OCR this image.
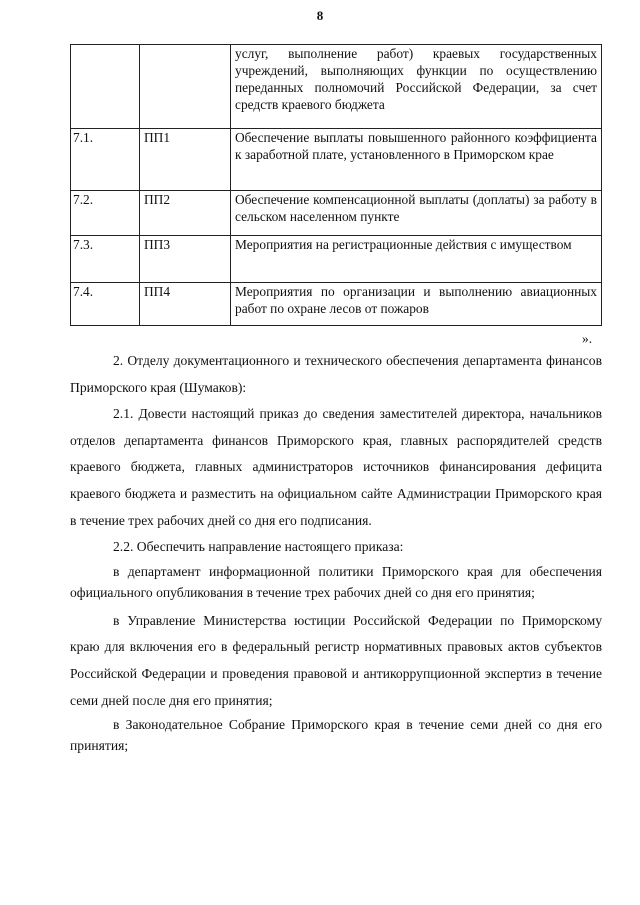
8
		услуг, выполнение работ) краевых государственных учреждений, выполняющих функции по осуществлению переданных полномочий Российской Федерации, за счет средств краевого бюджета
7.1.	ПП1	Обеспечение выплаты повышенного районного коэффициента к заработной плате, установленного в Приморском крае
7.2.	ПП2	Обеспечение компенсационной выплаты (доплаты) за работу в сельском населенном пункте
7.3.	ПП3	Мероприятия на регистрационные действия с имуществом
7.4.	ПП4	Мероприятия по организации и выполнению авиационных работ по охране лесов от пожаров
».

2. Отделу документационного и технического обеспечения департамента финансов Приморского края (Шумаков):

2.1. Довести настоящий приказ до сведения заместителей директора, начальников отделов департамента финансов Приморского края, главных распорядителей средств краевого бюджета, главных администраторов источников финансирования дефицита краевого бюджета и разместить на официальном сайте Администрации Приморского края в течение трех рабочих дней со дня его подписания.

2.2. Обеспечить направление настоящего приказа:

в департамент информационной политики Приморского края для обеспечения официального опубликования в течение трех рабочих дней со дня его принятия;

в Управление Министерства юстиции Российской Федерации по Приморскому краю для включения его в федеральный регистр нормативных правовых актов субъектов Российской Федерации и проведения правовой и антикоррупционной экспертиз в течение семи дней после дня его принятия;

в Законодательное Собрание Приморского края в течение семи дней со дня его принятия;
